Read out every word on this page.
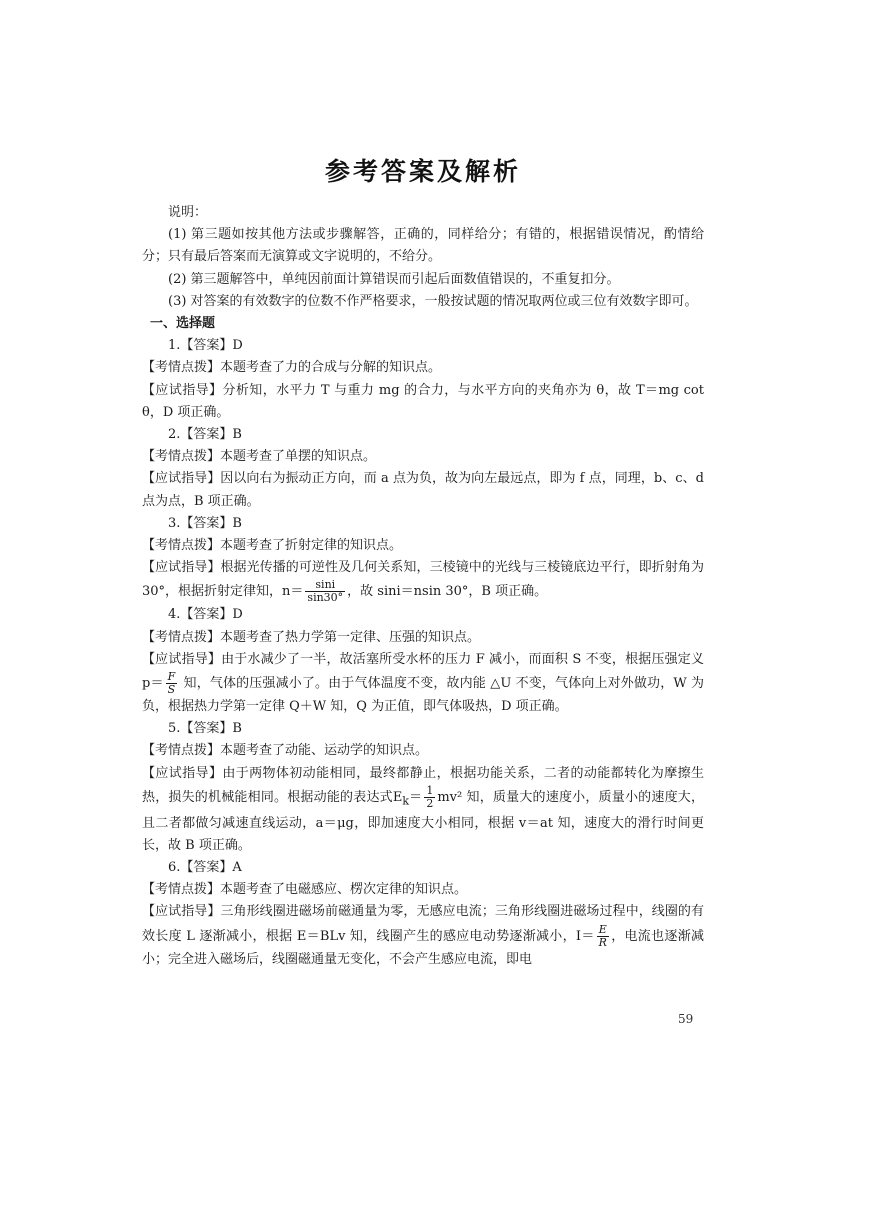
参考答案及解析

说明：

(1) 第三题如按其他方法或步骤解答，正确的，同样给分；有错的，根据错误情况，酌情给分；只有最后答案而无演算或文字说明的，不给分。

(2) 第三题解答中，单纯因前面计算错误而引起后面数值错误的，不重复扣分。

(3) 对答案的有效数字的位数不作严格要求，一般按试题的情况取两位或三位有效数字即可。

一、选择题

1.【答案】D

【考情点拨】本题考查了力的合成与分解的知识点。

【应试指导】分析知，水平力 T 与重力 mg 的合力，与水平方向的夹角亦为 θ，故 T＝mg cot θ，D 项正确。

2.【答案】B

【考情点拨】本题考查了单摆的知识点。

【应试指导】因以向右为振动正方向，而 a 点为负，故为向左最远点，即为 f 点，同理，b、c、d 点为点，B 项正确。

3.【答案】B

【考情点拨】本题考查了折射定律的知识点。

【应试指导】根据光传播的可逆性及几何关系知，三棱镜中的光线与三棱镜底边平行，即折射角为 30°，根据折射定律知，$n= \frac{\sin i}{\sin 30^\circ}$ ，故 sini＝nsin 30°，B 项正确。

4.【答案】D

【考情点拨】本题考查了热力学第一定律、压强的知识点。

【应试指导】由于水减少了一半，故活塞所受水杯的压力 F 减小，而面积 S 不变，根据压强定义 $p= \frac{F}{S}$ 知，气体的压强减小了。由于气体温度不变，故内能 △U 不变，气体向上对外做功，W 为负，根据热力学第一定律 Q＋W 知，Q 为正值，即气体吸热，D 项正确。

5.【答案】B

【考情点拨】本题考查了动能、运动学的知识点。

【应试指导】由于两物体初动能相同，最终都静止，根据功能关系，二者的动能都转化为摩擦生热，损失的机械能相同。根据动能的表达式$E_k= \frac{1}{2} mv^2$ 知，质量大的速度小，质量小的速度大，且二者都做匀减速直线运动，a＝μg，即加速度大小相同，根据 v＝at 知，速度大的滑行时间更长，故 B 项正确。

6.【答案】A

【考情点拨】本题考查了电磁感应、楞次定律的知识点。

【应试指导】三角形线圈进磁场前磁通量为零，无感应电流；三角形线圈进磁场过程中，线圈的有效长度 L 逐渐减小，根据 E＝BLv 知，线圈产生的感应电动势逐渐减小，$I= \frac{E}{R}$ ，电流也逐渐减小；完全进入磁场后，线圈磁通量无变化，不会产生感应电流，即电

59
